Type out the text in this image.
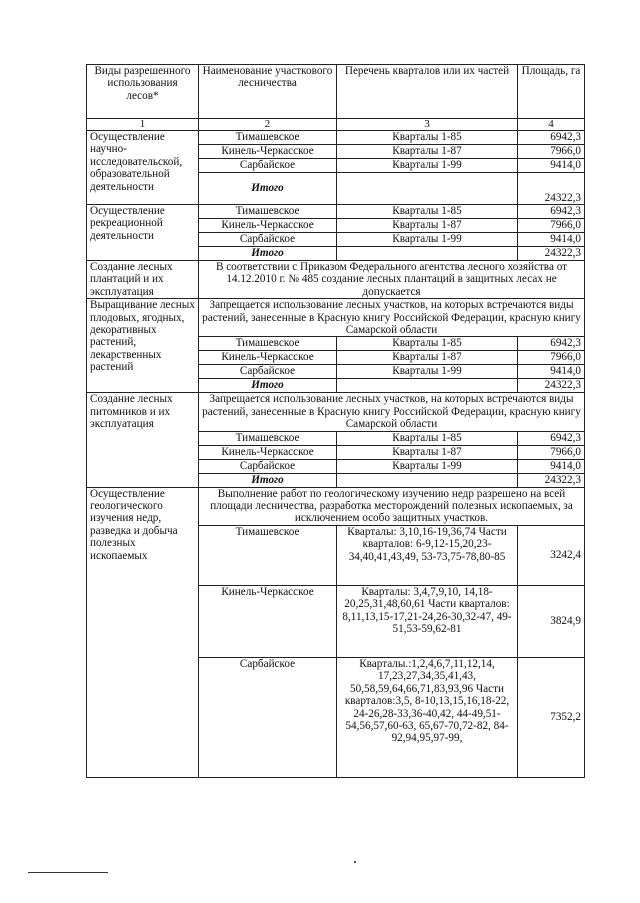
Виды разрешенного использования лесов*	Наименование участкового лесничества	Перечень кварталов или их частей	Площадь, га
1	2	3	4
Осуществление научно-исследовательской, образовательной деятельности	Тимашевское	Кварталы 1-85	6942,3
	Кинель-Черкасское	Кварталы 1-87	7966,0
	Сарбайское	Кварталы 1-99	9414,0
	Итого		24322,3
Осуществление рекреационной деятельности	Тимашевское	Кварталы 1-85	6942,3
	Кинель-Черкасское	Кварталы 1-87	7966,0
	Сарбайское	Кварталы 1-99	9414,0
	Итого		24322,3
Создание лесных плантаций и их эксплуатация	В соответствии с Приказом Федерального агентства лесного хозяйства от 14.12.2010 г. № 485 создание лесных плантаций в защитных лесах не допускается		
Выращивание лесных плодовых, ягодных, декоративных растений, лекарственных растений	Запрещается использование лесных участков, на которых встречаются виды растений, занесенные в Красную книгу Российской Федерации, красную книгу Самарской области		
	Тимашевское	Кварталы 1-85	6942,3
	Кинель-Черкасское	Кварталы 1-87	7966,0
	Сарбайское	Кварталы 1-99	9414,0
	Итого		24322,3
Создание лесных питомников и их эксплуатация	Запрещается использование лесных участков, на которых встречаются виды растений, занесенные в Красную книгу Российской Федерации, красную книгу Самарской области		
	Тимашевское	Кварталы 1-85	6942,3
	Кинель-Черкасское	Кварталы 1-87	7966,0
	Сарбайское	Кварталы 1-99	9414,0
	Итого		24322,3
Осуществление геологического изучения недр, разведка и добыча полезных ископаемых	Выполнение работ по геологическому изучению недр разрешено на всей площади лесничества, разработка месторождений полезных ископаемых, за исключением особо защитных участков.		
	Тимашевское	Кварталы: 3,10,16-19,36,74 Части кварталов: 6-9,12-15,20,23-34,40,41,43,49, 53-73,75-78,80-85	3242,4
	Кинель-Черкасское	Кварталы: 3,4,7,9,10, 14,18-20,25,31,48,60,61 Части кварталов: 8,11,13,15-17,21-24,26-30,32-47, 49-51,53-59,62-81	3824,9
	Сарбайское	Кварталы.:1,2,4,6,7,11,12,14, 17,23,27,34,35,41,43, 50,58,59,64,66,71,83,93,96 Части кварталов:3,5, 8-10,13,15,16,18-22, 24-26,28-33,36-40,42, 44-49,51-54,56,57,60-63, 65,67-70,72-82, 84-92,94,95,97-99,	7352,2
